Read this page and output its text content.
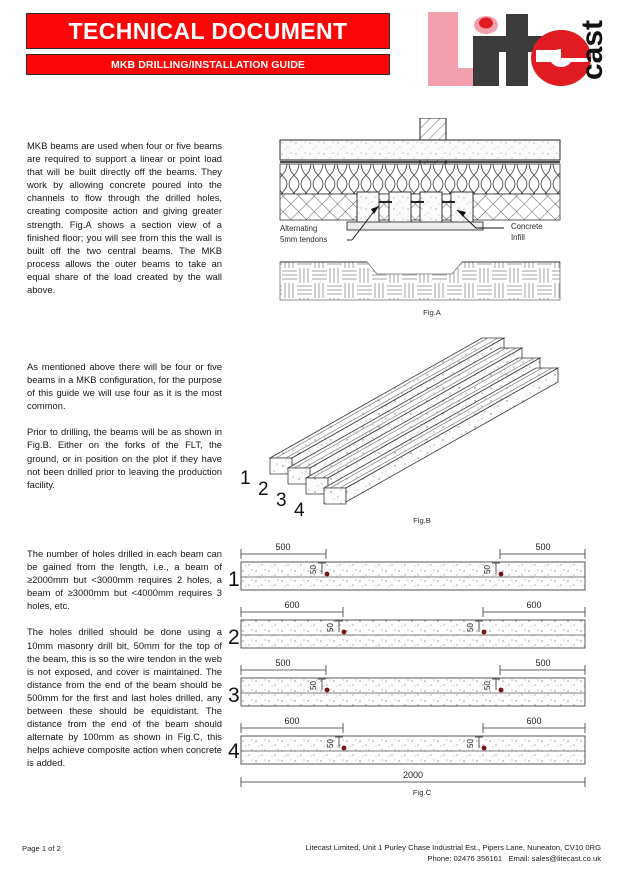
TECHNICAL DOCUMENT
MKB DRILLING/INSTALLATION GUIDE	cast

MKB beams are used when four or five beams are required to support a linear or point load that will be built directly off the beams. They work by allowing concrete poured into the channels to flow through the drilled holes, creating composite action and giving greater strength. Fig.A shows a section view of a finished floor; you will see from this the wall is built off the two central beams. The MKB process allows the outer beams to take an equal share of the load created by the wall above.

As mentioned above there will be four or five beams in a MKB configuration, for the purpose of this guide we will use four as it is the most common.

Prior to drilling, the beams will be as shown in Fig.B. Either on the forks of the FLT, the ground, or in position on the plot if they have not been drilled prior to leaving the production facility.

The number of holes drilled in each beam can be gained from the length, i.e., a beam of ≥2000mm but <3000mm requires 2 holes, a beam of ≥3000mm but <4000mm requires 3 holes, etc.

The holes drilled should be done using a 10mm masonry drill bit, 50mm for the top of the beam, this is so the wire tendon in the web is not exposed, and cover is maintained. The distance from the end of the beam should be 500mm for the first and last holes drilled, any between these should be equidistant. The distance from the end of the beam should alternate by 100mm as shown in Fig.C, this helps achieve composite action when concrete is added.

Alternating
5mm tendons
Concrete
Infill
Fig.A
1
2
3 4	Fig.B
500	500
50	50
1
600	600
50	50
2
500	500
50	50
3
600	600
50	50
4
2000
Fig.C
Page 1 of 2	Litecast Limited, Unit 1 Purley Chase Industrial Est., Pipers Lane, Nuneaton, CV10 0RG
Phone: 02476 356161   Email: sales@litecast.co.uk
